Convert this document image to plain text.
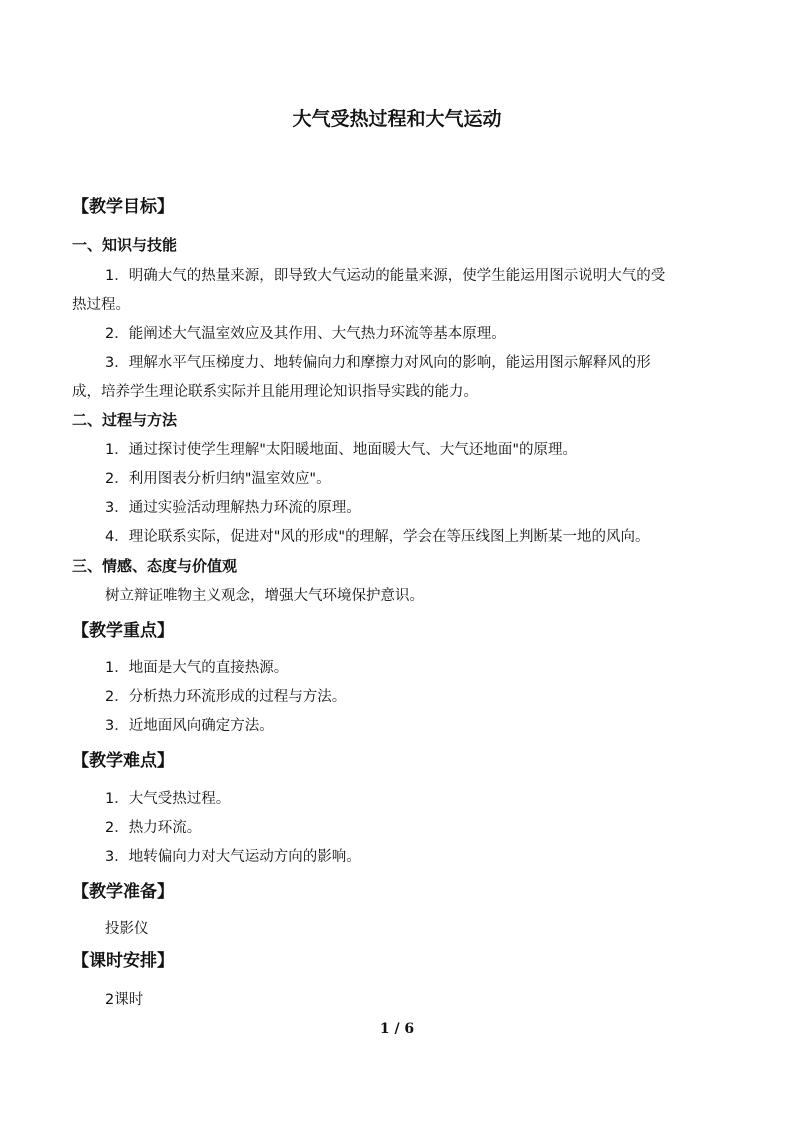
大气受热过程和大气运动
【教学目标】
一、知识与技能
1．明确大气的热量来源，即导致大气运动的能量来源，使学生能运用图示说明大气的受
热过程。
2．能阐述大气温室效应及其作用、大气热力环流等基本原理。
3．理解水平气压梯度力、地转偏向力和摩擦力对风向的影响，能运用图示解释风的形
成，培养学生理论联系实际并且能用理论知识指导实践的能力。
二、过程与方法
1．通过探讨使学生理解"太阳暖地面、地面暖大气、大气还地面"的原理。
2．利用图表分析归纳"温室效应"。
3．通过实验活动理解热力环流的原理。
4．理论联系实际，促进对"风的形成"的理解，学会在等压线图上判断某一地的风向。
三、情感、态度与价值观
树立辩证唯物主义观念，增强大气环境保护意识。
【教学重点】
1．地面是大气的直接热源。
2．分析热力环流形成的过程与方法。
3．近地面风向确定方法。
【教学难点】
1．大气受热过程。
2．热力环流。
3．地转偏向力对大气运动方向的影响。
【教学准备】
投影仪
【课时安排】
2课时
1 / 6
